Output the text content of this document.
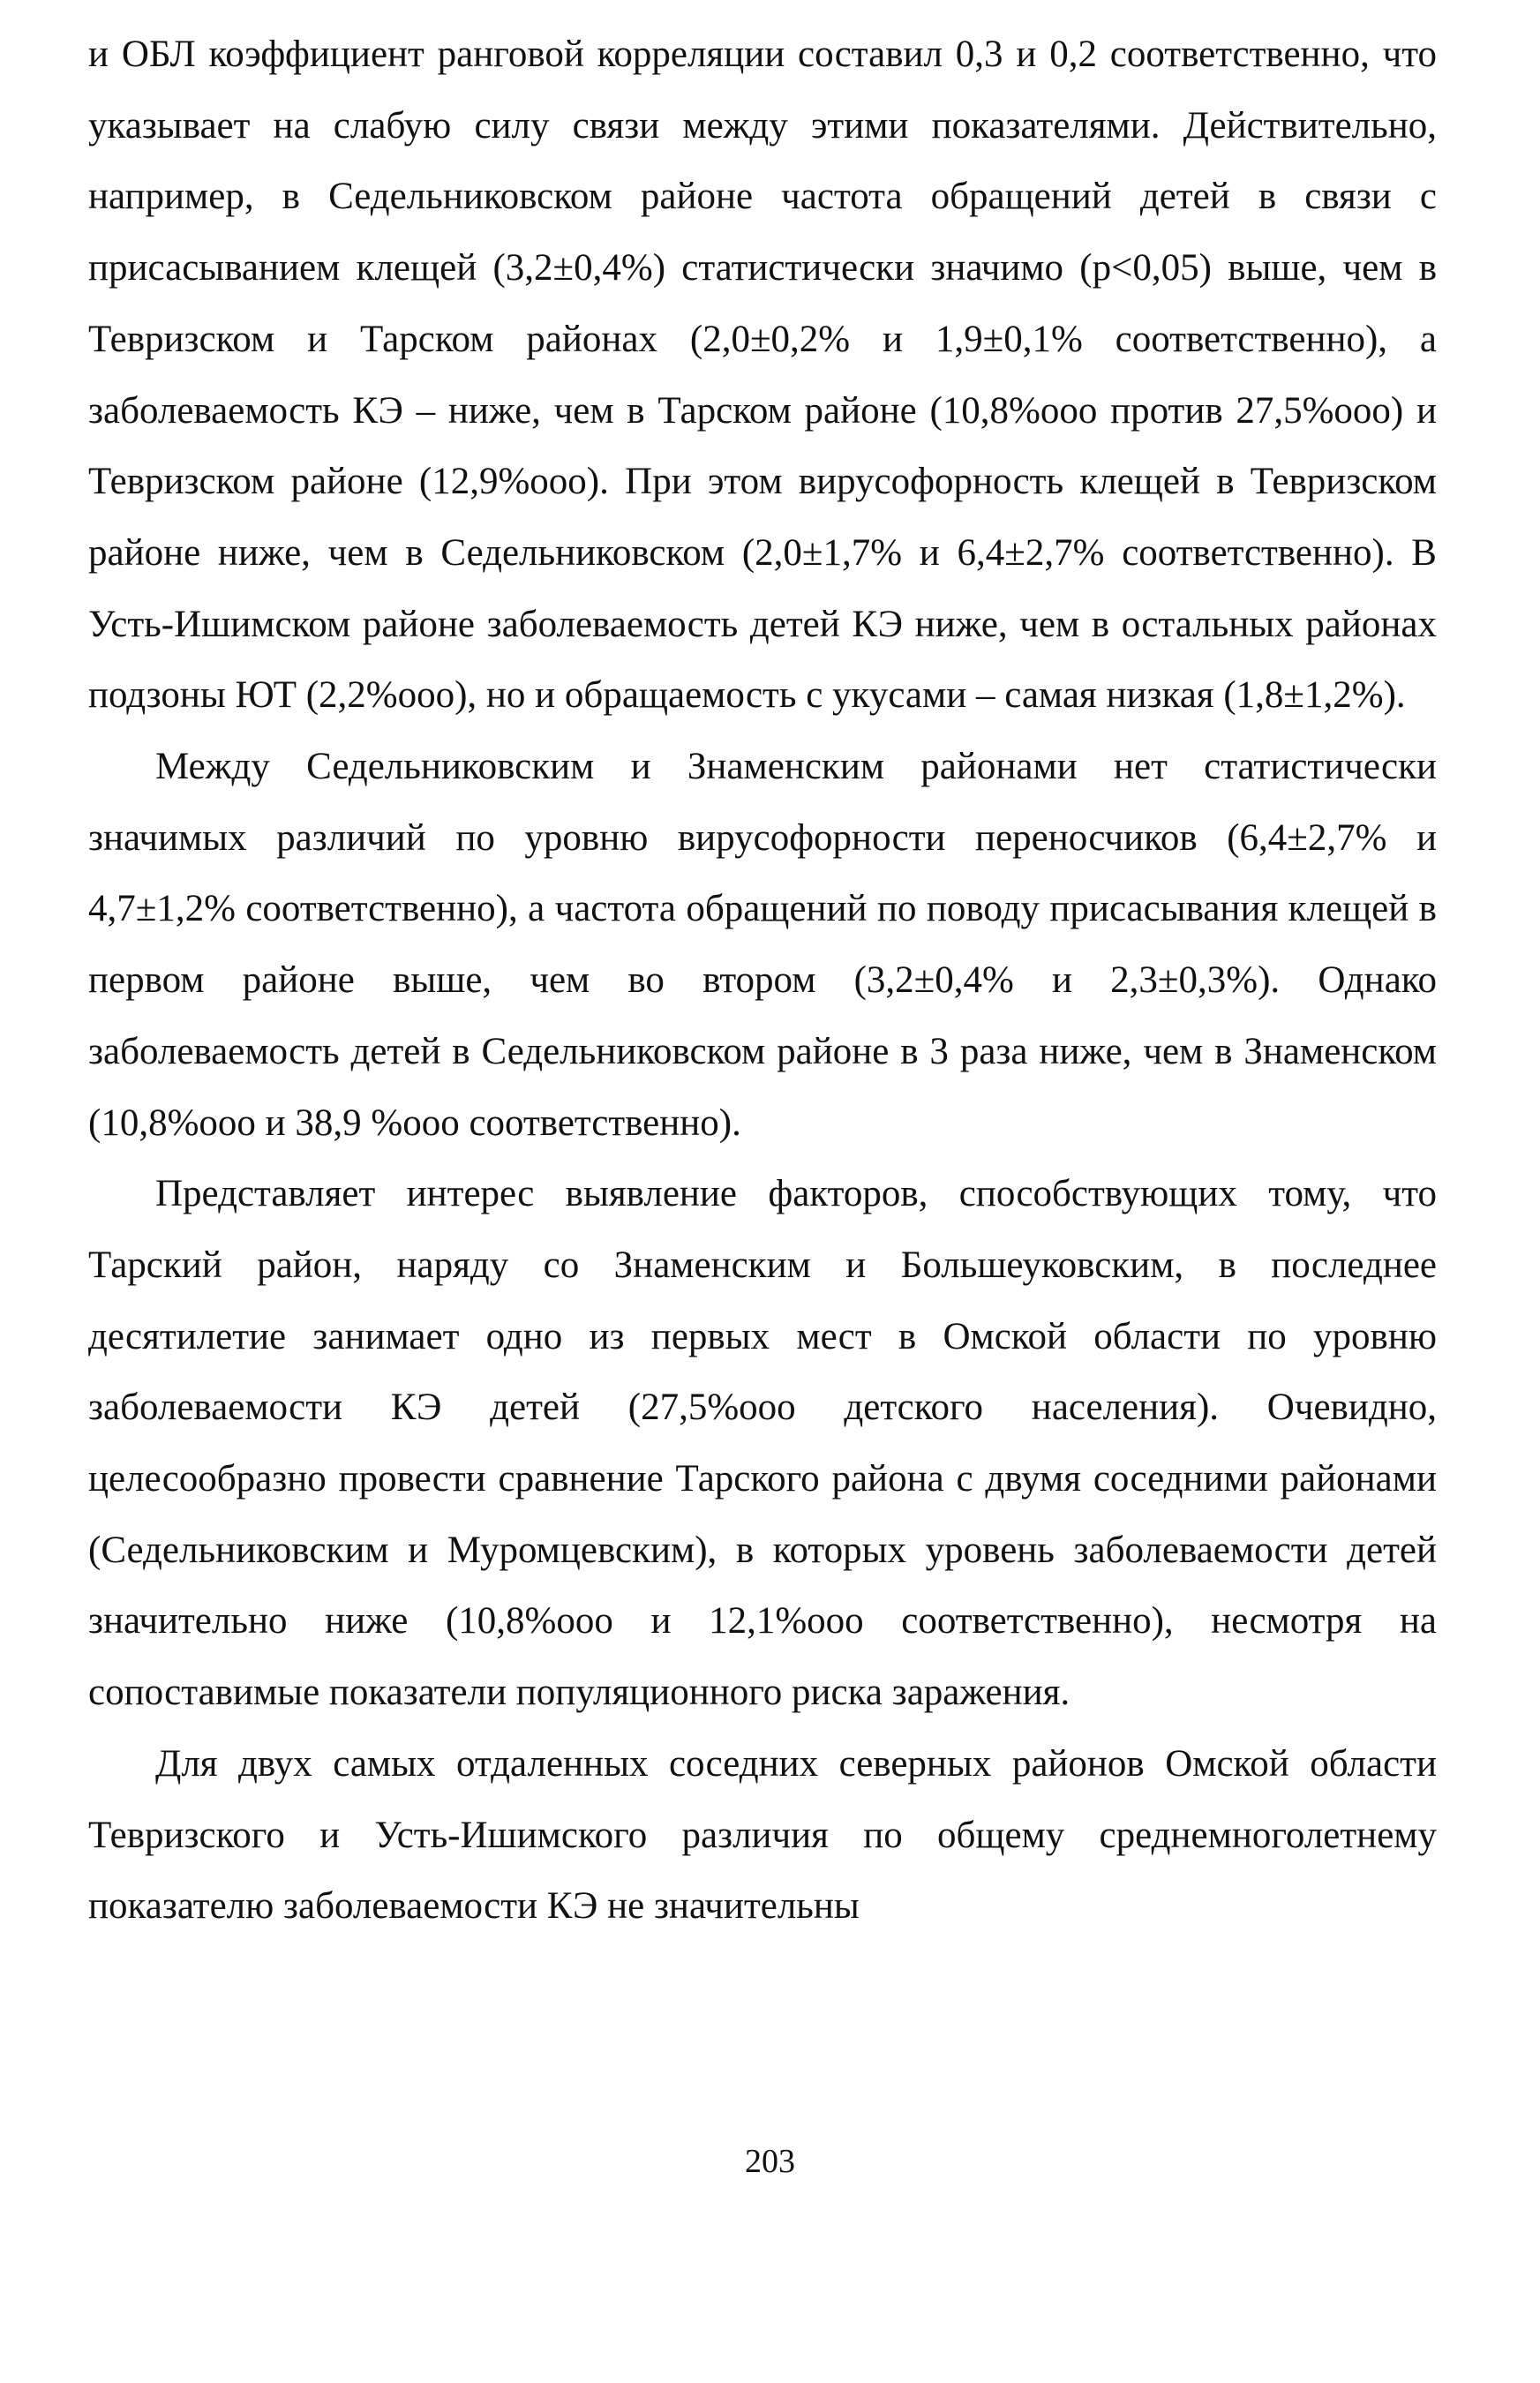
и ОБЛ коэффициент ранговой корреляции составил 0,3 и 0,2 соответственно, что указывает на слабую силу связи между этими показателями. Действительно, например, в Седельниковском районе частота обращений детей в связи с присасыванием клещей (3,2±0,4%) статистически значимо (p<0,05) выше, чем в Тевризском и Тарском районах (2,0±0,2% и 1,9±0,1% соответственно), а заболеваемость КЭ – ниже, чем в Тарском районе (10,8%ooo против 27,5%ooo) и Тевризском районе (12,9%ooo). При этом вирусофорность клещей в Тевризском районе ниже, чем в Седельниковском (2,0±1,7% и 6,4±2,7% соответственно). В Усть-Ишимском районе заболеваемость детей КЭ ниже, чем в остальных районах подзоны ЮТ (2,2%ooo), но и обращаемость с укусами – самая низкая (1,8±1,2%).

Между Седельниковским и Знаменским районами нет статистически значимых различий по уровню вирусофорности переносчиков (6,4±2,7% и 4,7±1,2% соответственно), а частота обращений по поводу присасывания клещей в первом районе выше, чем во втором (3,2±0,4% и 2,3±0,3%). Однако заболеваемость детей в Седельниковском районе в 3 раза ниже, чем в Знаменском (10,8%ooo и 38,9 %ooo соответственно).

Представляет интерес выявление факторов, способствующих тому, что Тарский район, наряду со Знаменским и Большеуковским, в последнее десятилетие занимает одно из первых мест в Омской области по уровню заболеваемости КЭ детей (27,5%ooo детского населения). Очевидно, целесообразно провести сравнение Тарского района с двумя соседними районами (Седельниковским и Муромцевским), в которых уровень заболеваемости детей значительно ниже (10,8%ooo и 12,1%ooo соответственно), несмотря на сопоставимые показатели популяционного риска заражения.

Для двух самых отдаленных соседних северных районов Омской области Тевризского и Усть-Ишимского различия по общему среднемноголетнему показателю заболеваемости КЭ не значительны

203
